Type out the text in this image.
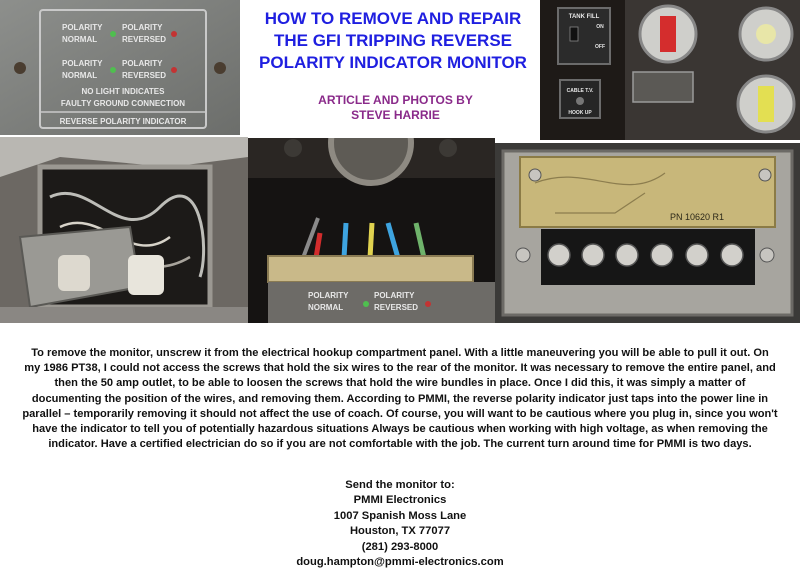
POLARITY
NORMAL
POLARITY
REVERSED
POLARITY
NORMAL
POLARITY
REVERSED
NO LIGHT INDICATES
FAULTY GROUND CONNECTION
REVERSE POLARITY INDICATOR
HOW TO REMOVE AND REPAIR
THE GFI TRIPPING REVERSE
POLARITY INDICATOR MONITOR
ARTICLE AND PHOTOS BY
STEVE HARRIE
TANK FILL
ON
OFF
CABLE T.V.
HOOK UP
POLARITY
NORMAL
POLARITY
REVERSED
PN 10620 R1
To remove the monitor, unscrew it from the electrical hookup compartment panel. With a little maneuvering you will be able to pull it out. On my 1986 PT38, I could not access the screws that hold the six wires to the rear of the monitor. It was necessary to remove the entire panel, and then the 50 amp outlet, to be able to loosen the screws that hold the wire bundles in place. Once I did this, it was simply a matter of documenting the position of the wires, and removing them. According to PMMI, the reverse polarity indicator just taps into the power line in parallel – temporarily removing it should not affect the use of coach. Of course, you will want to be cautious where you plug in, since you won't have the indicator to tell you of potentially hazardous situations Always be cautious when working with high voltage, as when removing the indicator. Have a certified electrician do so if you are not comfortable with the job. The current turn around time for PMMI is two days.
Send the monitor to:
PMMI Electronics
1007 Spanish Moss Lane
Houston, TX 77077
(281) 293-8000
doug.hampton@pmmi-electronics.com
